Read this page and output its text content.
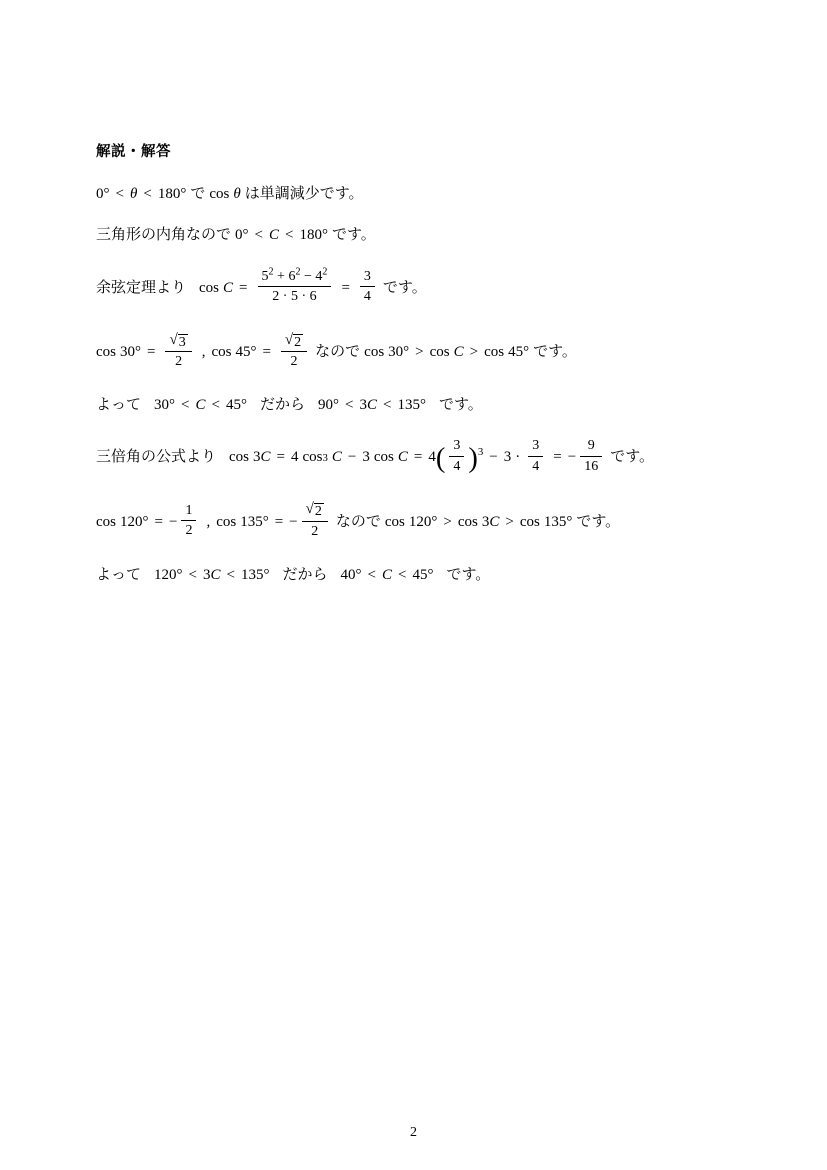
解説・解答
0 ° < θ < 180 ° で cos θ は単調減少です。
三角形の内角なので 0 ° < C < 180 ° です。
余弦定理より $\cos C = \frac{5^2 + 6^2 - 4^2}{2 \cdot 5 \cdot 6} = \frac{3}{4}$ です。
cos 30 ° = $\frac{√ 3}{2}$ , cos 45 ° = $\frac{√ 2}{2}$ なので cos 30 ° > cos C > cos 45 ° です。
よって 30 ° < C < 45 ° だから 90 ° < 3 C < 135 ° です。
三倍角の公式より cos 3 C = 4 cos 3 C − 3 cos C = 4 ( $\frac{3}{4}$ ) $3 - 3 \cdot \frac{3}{4}$ = − $\frac{9}{16}$ です。
cos 120 ° = − $\frac{1}{2}$ , cos 135 ° = − $\frac{√ 2}{2}$ なので cos 120 ° > cos 3 C > cos 135 ° です。
よって 120 ° < 3 C < 135 ° だから 40 ° < C < 45 ° です。
2
